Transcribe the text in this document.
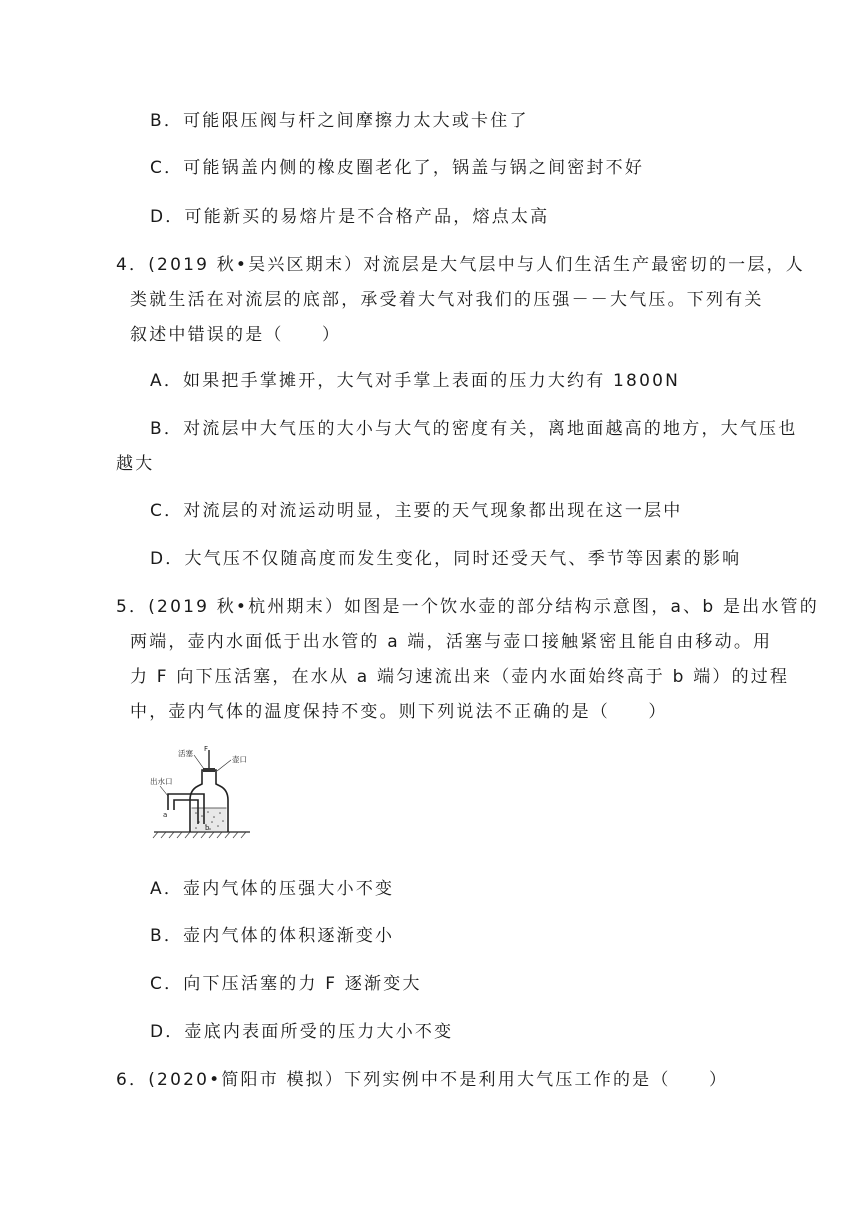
B．可能限压阀与杆之间摩擦力太大或卡住了
C．可能锅盖内侧的橡皮圈老化了，锅盖与锅之间密封不好
D．可能新买的易熔片是不合格产品，熔点太高
4．(2019 秋•吴兴区期末）对流层是大气层中与人们生活生产最密切的一层，人
类就生活在对流层的底部，承受着大气对我们的压强－－大气压。下列有关
叙述中错误的是（　　）
A．如果把手掌摊开，大气对手掌上表面的压力大约有 1800N
B．对流层中大气压的大小与大气的密度有关，离地面越高的地方，大气压也
越大
C．对流层的对流运动明显，主要的天气现象都出现在这一层中
D．大气压不仅随高度而发生变化，同时还受天气、季节等因素的影响
5．(2019 秋•杭州期末）如图是一个饮水壶的部分结构示意图，a、b 是出水管的
两端，壶内水面低于出水管的 a 端，活塞与壶口接触紧密且能自由移动。用
力 F 向下压活塞，在水从 a 端匀速流出来（壶内水面始终高于 b 端）的过程
中，壶内气体的温度保持不变。则下列说法不正确的是（　　）
活塞 F
壶口
出水口
a
b
A．壶内气体的压强大小不变
B．壶内气体的体积逐渐变小
C．向下压活塞的力 F 逐渐变大
D．壶底内表面所受的压力大小不变
6．(2020•简阳市 模拟）下列实例中不是利用大气压工作的是（　　）
